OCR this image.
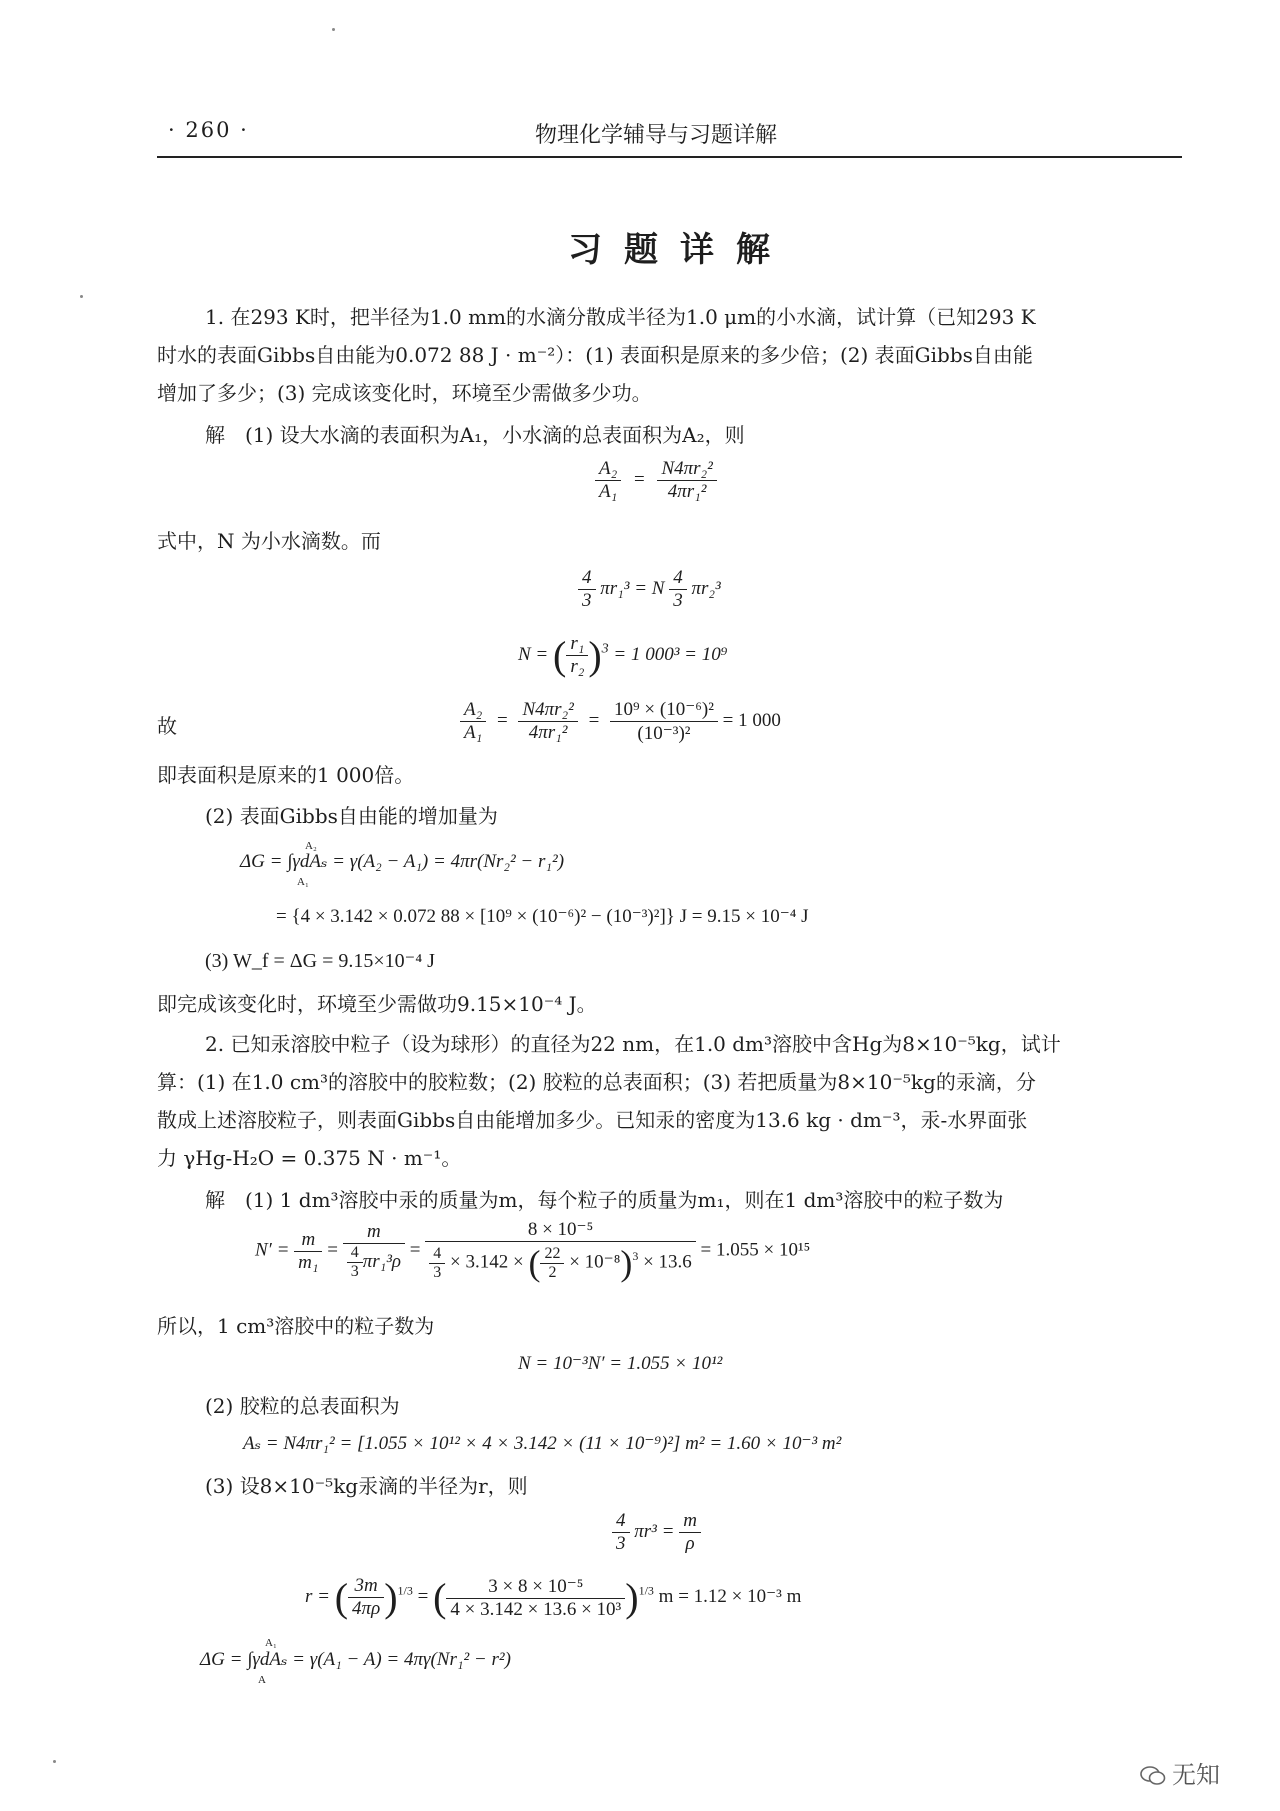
· 260 ·	物理化学辅导与习题详解
习题详解
1. 在293 K时，把半径为1.0 mm的水滴分散成半径为1.0 μm的小水滴，试计算（已知293 K
时水的表面Gibbs自由能为0.072 88 J · m⁻²）：(1) 表面积是原来的多少倍；(2) 表面Gibbs自由能
增加了多少；(3) 完成该变化时，环境至少需做多少功。
解　(1) 设大水滴的表面积为A₁，小水滴的总表面积为A₂，则
$\frac{\text{A₂}}{\text{A₁}} = \frac{\text{N4πr₂²}}{\text{4πr₁²}}$
式中，N 为小水滴数。而
$\frac{4}{3} \pi r_1^3 = N \frac{4}{3} \pi r_2^3$
N = ( $\frac{\text{r₁}}{\text{r₂}} )^3 = 1$ 000³ = 10⁹
故	$\frac{\text{A₂}}{\text{A₁}} = \frac{\text{N4πr₂²}}{\text{4πr₁²}} = \frac{\text{10⁹ × (10⁻⁶)²}}{\text{(10⁻³)²}} = 1$ 000
即表面积是原来的1 000倍。
(2) 表面Gibbs自由能的增加量为
ΔG = ∫γdAₛ = γ(A₂ − A₁) = 4πr(Nr₂² − r₁²)
A₂
A₁
= {4 × 3.142 × 0.072 88 × [10⁹ × (10⁻⁶)² − (10⁻³)²]} J = 9.15 × 10⁻⁴ J
(3) W_f = ΔG = 9.15×10⁻⁴ J
即完成该变化时，环境至少需做功9.15×10⁻⁴ J。
2. 已知汞溶胶中粒子（设为球形）的直径为22 nm，在1.0 dm³溶胶中含Hg为8×10⁻⁵kg，试计
算：(1) 在1.0 cm³的溶胶中的胶粒数；(2) 胶粒的总表面积；(3) 若把质量为8×10⁻⁵kg的汞滴，分
散成上述溶胶粒子，则表面Gibbs自由能增加多少。已知汞的密度为13.6 kg · dm⁻³，汞-水界面张
力 γHg-H₂O = 0.375 N · m⁻¹。
解　(1) 1 dm³溶胶中汞的质量为m，每个粒子的质量为m₁，则在1 dm³溶胶中的粒子数为
$N' = \frac{m}{\text{m₁}} = \frac{m}{\frac{4}{3} \pi r_1^3\rho} = \frac{\text{8 × 10⁻⁵}}{\frac{4}{3} \times 3.142 \times ( \frac{22}{2} \times 10^{-8})^3 \times 13.6} = 1.055 \times 10^{15}$
所以，1 cm³溶胶中的粒子数为
N = 10⁻³N′ = 1.055 × 10¹²
(2) 胶粒的总表面积为
Aₛ = N4πr₁² = [1.055 × 10¹² × 4 × 3.142 × (11 × 10⁻⁹)²] m² = 1.60 × 10⁻³ m²
(3) 设8×10⁻⁵kg汞滴的半径为r，则
$\frac{4}{3} \pi r^3 = \frac{m}{\rho}$
r = ( $\frac{3m}{4\pi\rho} )^{1/3}$ = ( $\frac{\text{3 × 8 × 10⁻⁵}}{\text{4 × 3.142 × 13.6 × 10³}} )^{1/3}$ m = 1.12 × 10⁻³ m
ΔG = ∫γdAₛ = γ(A₁ − A) = 4πγ(Nr₁² − r²)
A₁
A
无知
